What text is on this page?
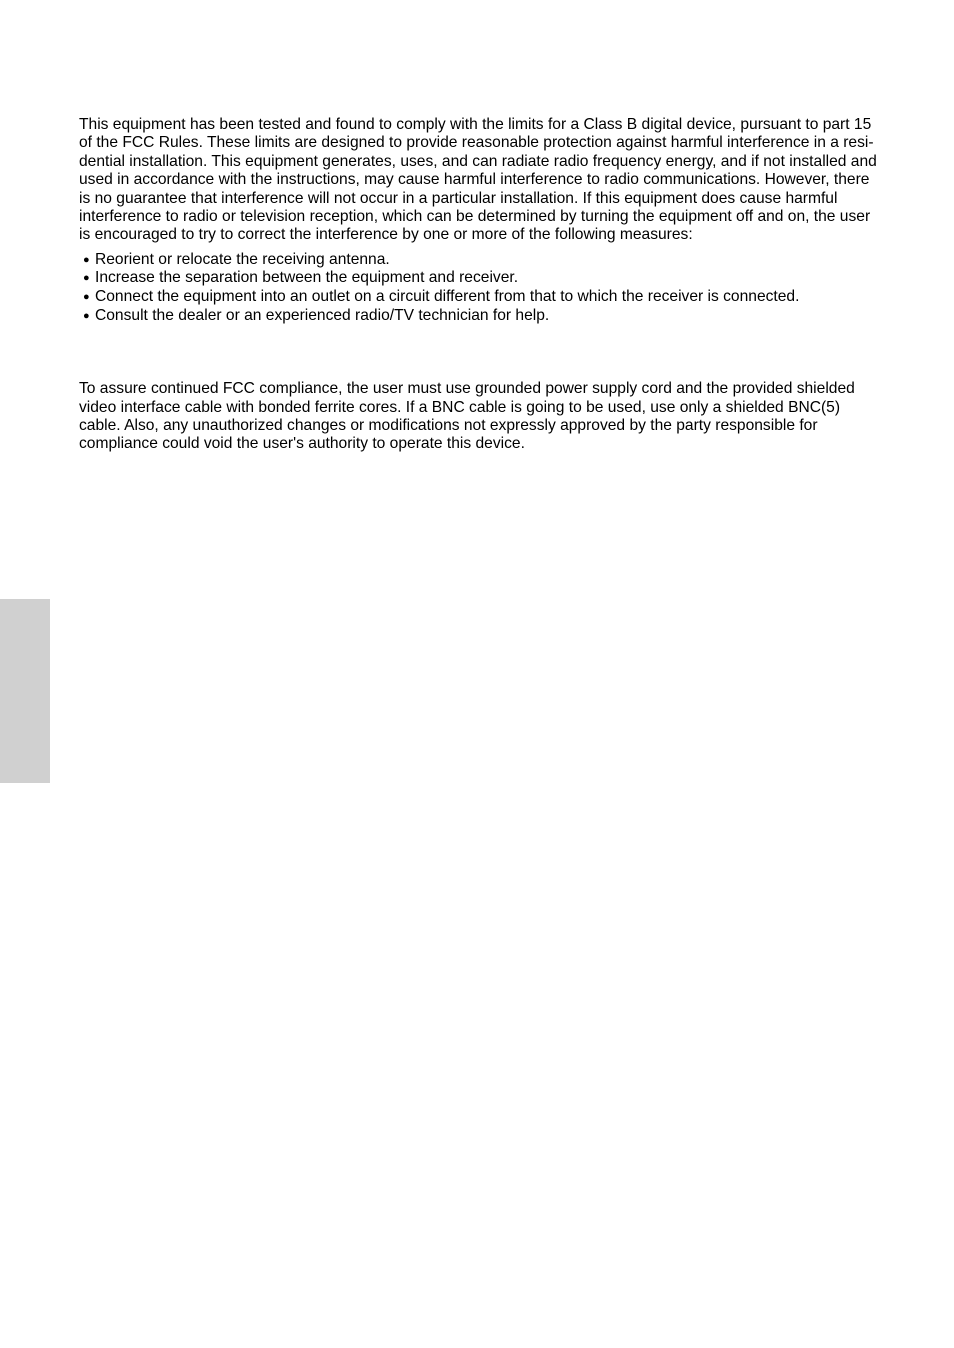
This equipment has been tested and found to comply with the limits for a Class B digital device, pursuant to part 15 of the FCC Rules. These limits are designed to provide reasonable protection against harmful interference in a resi-dential installation. This equipment generates, uses, and can radiate radio frequency energy, and if not installed and used in accordance with the instructions, may cause harmful interference to radio communications. However, there is no guarantee that interference will not occur in a particular installation. If this equipment does cause harmful interference to radio or television reception, which can be determined by turning the equipment off and on, the user is encouraged to try to correct the interference by one or more of the following measures:

● Reorient or relocate the receiving antenna.
● Increase the separation between the equipment and receiver.
● Connect the equipment into an outlet on a circuit different from that to which the receiver is connected.
● Consult the dealer or an experienced radio/TV technician for help.

To assure continued FCC compliance, the user must use grounded power supply cord and the provided shielded video interface cable with bonded ferrite cores. If a BNC cable is going to be used, use only a shielded BNC(5) cable. Also, any unauthorized changes or modifications not expressly approved by the party responsible for compliance could void the user's authority to operate this device.
